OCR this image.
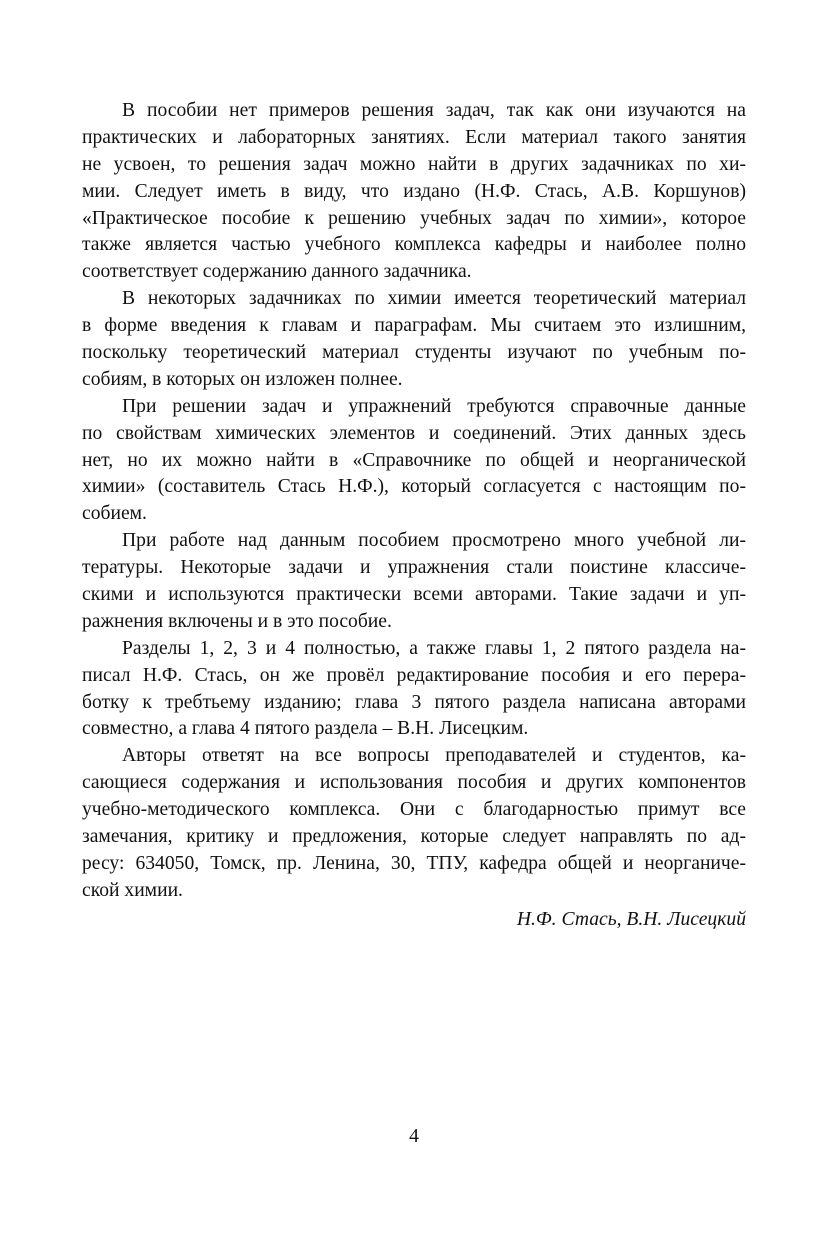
В пособии нет примеров решения задач, так как они изучаются на
практических и лабораторных занятиях. Если материал такого занятия
не усвоен, то решения задач можно найти в других задачниках по хи-
мии. Следует иметь в виду, что издано (Н.Ф. Стась, А.В. Коршунов)
«Практическое пособие к решению учебных задач по химии», которое
также является частью учебного комплекса кафедры и наиболее полно
соответствует содержанию данного задачника.
В некоторых задачниках по химии имеется теоретический материал
в форме введения к главам и параграфам. Мы считаем это излишним,
поскольку теоретический материал студенты изучают по учебным по-
собиям, в которых он изложен полнее.
При решении задач и упражнений требуются справочные данные
по свойствам химических элементов и соединений. Этих данных здесь
нет, но их можно найти в «Справочнике по общей и неорганической
химии» (составитель Стась Н.Ф.), который согласуется с настоящим по-
собием.
При работе над данным пособием просмотрено много учебной ли-
тературы. Некоторые задачи и упражнения стали поистине классиче-
скими и используются практически всеми авторами. Такие задачи и уп-
ражнения включены и в это пособие.
Разделы 1, 2, 3 и 4 полностью, а также главы 1, 2 пятого раздела на-
писал Н.Ф. Стась, он же провёл редактирование пособия и его перера-
ботку к требтьему изданию; глава 3 пятого раздела написана авторами
совместно, а глава 4 пятого раздела – В.Н. Лисецким.
Авторы ответят на все вопросы преподавателей и студентов, ка-
сающиеся содержания и использования пособия и других компонентов
учебно-методического комплекса. Они с благодарностью примут все
замечания, критику и предложения, которые следует направлять по ад-
ресу: 634050, Томск, пр. Ленина, 30, ТПУ, кафедра общей и неорганиче-
ской химии.
Н.Ф. Стась, В.Н. Лисецкий
4
